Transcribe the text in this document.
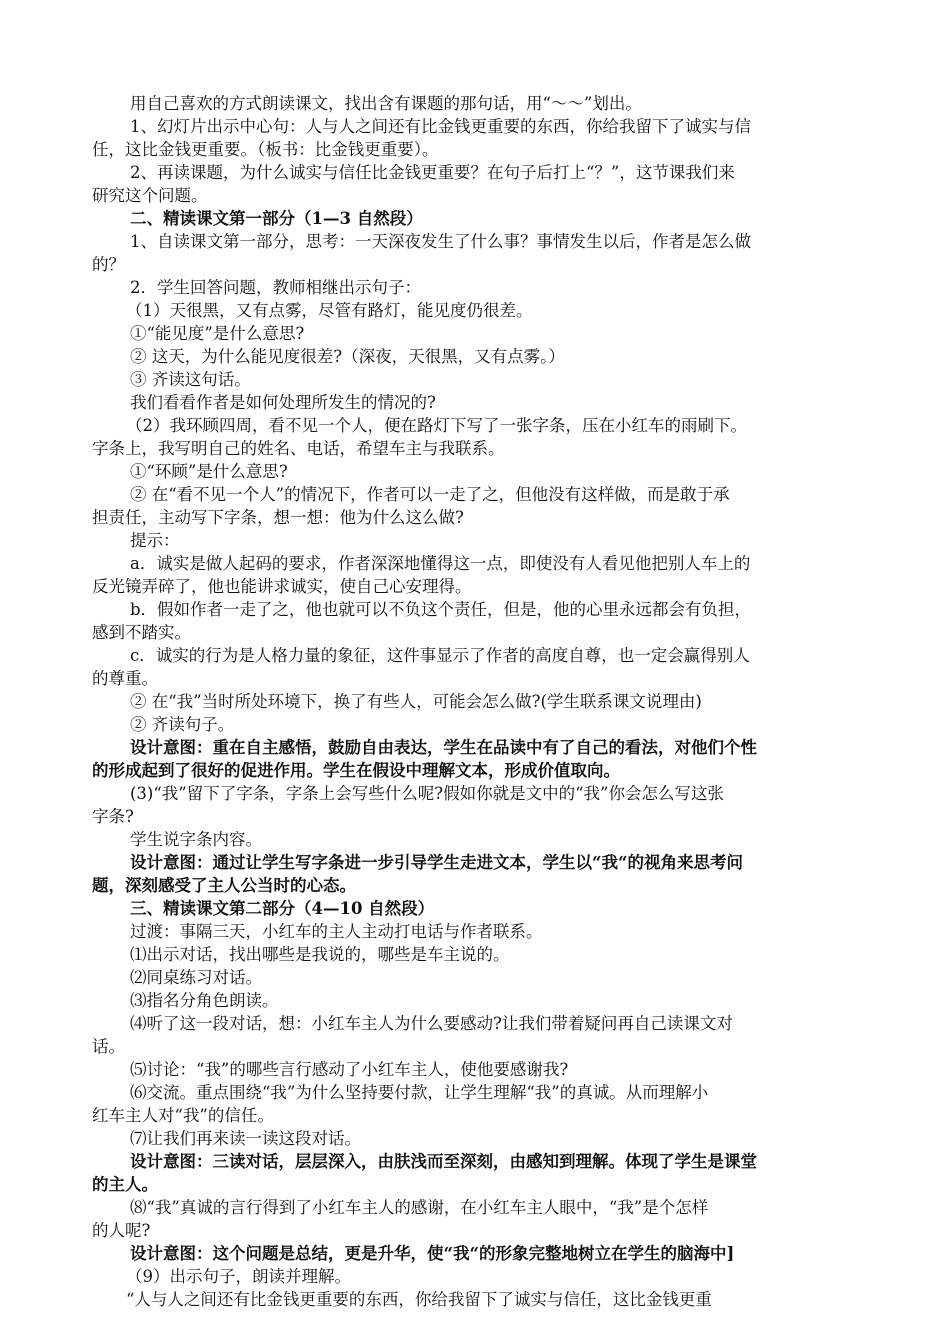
用自己喜欢的方式朗读课文，找出含有课题的那句话，用“～～”划出。
1、幻灯片出示中心句：人与人之间还有比金钱更重要的东西，你给我留下了诚实与信
任，这比金钱更重要。（板书：比金钱更重要）。
2、再读课题，为什么诚实与信任比金钱更重要？在句子后打上“？”，这节课我们来
研究这个问题。
二、精读课文第一部分（1—3 自然段）
1、自读课文第一部分，思考：一天深夜发生了什么事？事情发生以后，作者是怎么做
的？
2．学生回答问题，教师相继出示句子：
（1）天很黑，又有点雾，尽管有路灯，能见度仍很差。
①“能见度”是什么意思?
② 这天，为什么能见度很差?（深夜，天很黑，又有点雾。）
③ 齐读这句话。
我们看看作者是如何处理所发生的情况的?
（2）我环顾四周，看不见一个人，便在路灯下写了一张字条，压在小红车的雨刷下。
字条上，我写明自己的姓名、电话，希望车主与我联系。
①“环顾”是什么意思?
② 在“看不见一个人”的情况下，作者可以一走了之，但他没有这样做，而是敢于承
担责任，主动写下字条，想一想：他为什么这么做?
提示：
a．诚实是做人起码的要求，作者深深地懂得这一点，即使没有人看见他把别人车上的
反光镜弄碎了，他也能讲求诚实，使自己心安理得。
b．假如作者一走了之，他也就可以不负这个责任，但是，他的心里永远都会有负担，
感到不踏实。
c．诚实的行为是人格力量的象征，这件事显示了作者的高度自尊，也一定会赢得别人
的尊重。
② 在“我”当时所处环境下，换了有些人，可能会怎么做?(学生联系课文说理由)
② 齐读句子。
设计意图：重在自主感悟，鼓励自由表达，学生在品读中有了自己的看法，对他们个性
的形成起到了很好的促进作用。学生在假设中理解文本，形成价值取向。
(3)“我”留下了字条，字条上会写些什么呢?假如你就是文中的“我”你会怎么写这张
字条?
学生说字条内容。
设计意图：通过让学生写字条进一步引导学生走进文本，学生以“我“的视角来思考问
题，深刻感受了主人公当时的心态。
三、精读课文第二部分（4—10 自然段）
过渡：事隔三天，小红车的主人主动打电话与作者联系。
⑴出示对话，找出哪些是我说的，哪些是车主说的。
⑵同桌练习对话。
⑶指名分角色朗读。
⑷听了这一段对话，想：小红车主人为什么要感动?让我们带着疑问再自己读课文对
话。
⑸讨论：“我”的哪些言行感动了小红车主人，使他要感谢我?
⑹交流。重点围绕“我”为什么坚持要付款，让学生理解“我”的真诚。从而理解小
红车主人对“我”的信任。
⑺让我们再来读一读这段对话。
设计意图：三读对话，层层深入，由肤浅而至深刻，由感知到理解。体现了学生是课堂
的主人。
⑻“我”真诚的言行得到了小红车主人的感谢，在小红车主人眼中，“我”是个怎样
的人呢?
设计意图：这个问题是总结，更是升华，使“我“的形象完整地树立在学生的脑海中]
（9）出示句子，朗读并理解。
“人与人之间还有比金钱更重要的东西，你给我留下了诚实与信任，这比金钱更重
